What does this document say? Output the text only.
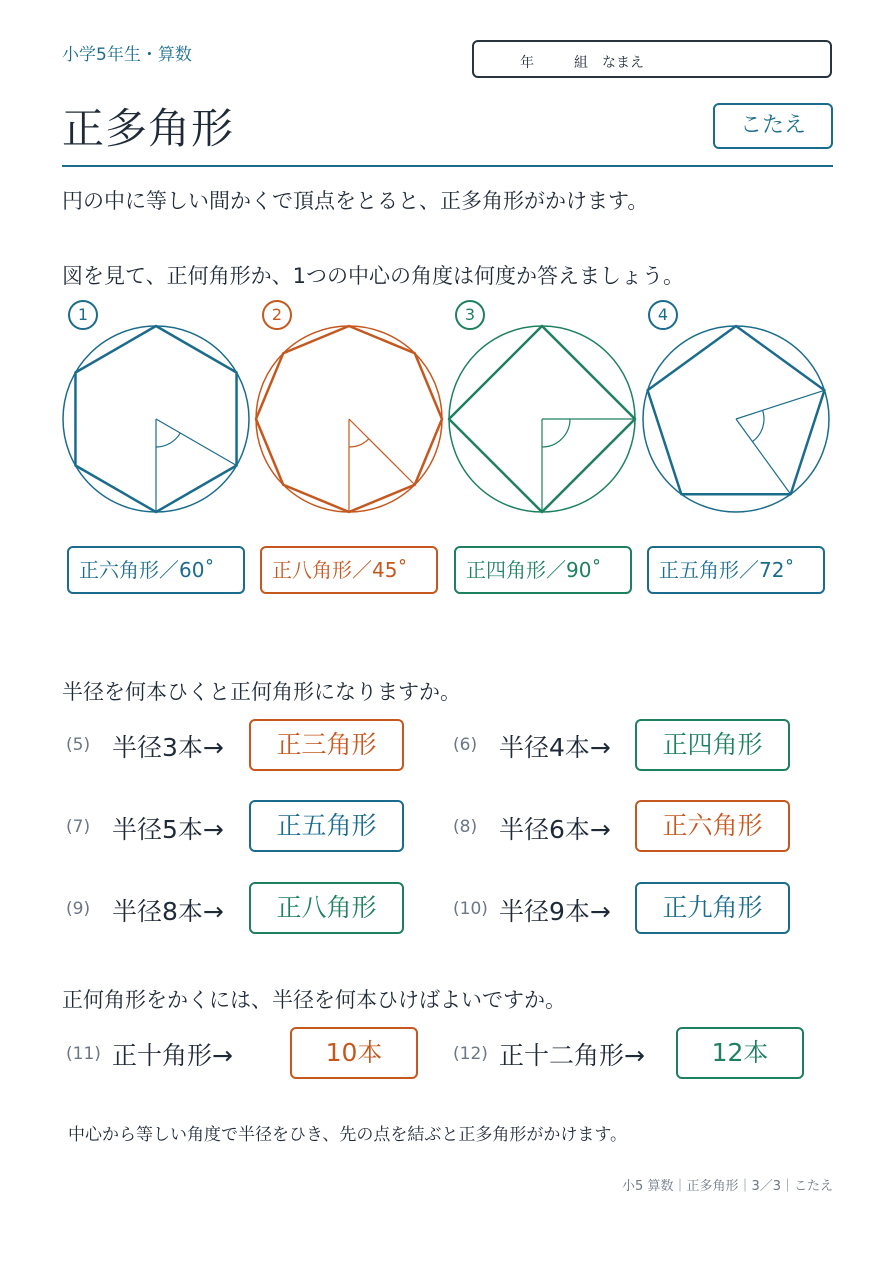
小学5年生・算数	年	組 なまえ
正多角形	こたえ
円の中に等しい間かくで頂点をとると、正多角形がかけます。
図を見て、正何角形か、1つの中心の角度は何度か答えましょう。
1	2	3	4
正六角形／60˚	正八角形／45˚	正四角形／90˚	正五角形／72˚
半径を何本ひくと正何角形になりますか。
(5) 半径3本→	正三角形	(6) 半径4本→	正四角形
(7) 半径5本→	正五角形	(8) 半径6本→	正六角形
(9) 半径8本→	正八角形	(10) 半径9本→	正九角形
正何角形をかくには、半径を何本ひけばよいですか。
(11) 正十角形→	10本	(12) 正十二角形→	12本
中心から等しい角度で半径をひき、先の点を結ぶと正多角形がかけます。
小5 算数｜正多角形｜3／3｜こたえ
